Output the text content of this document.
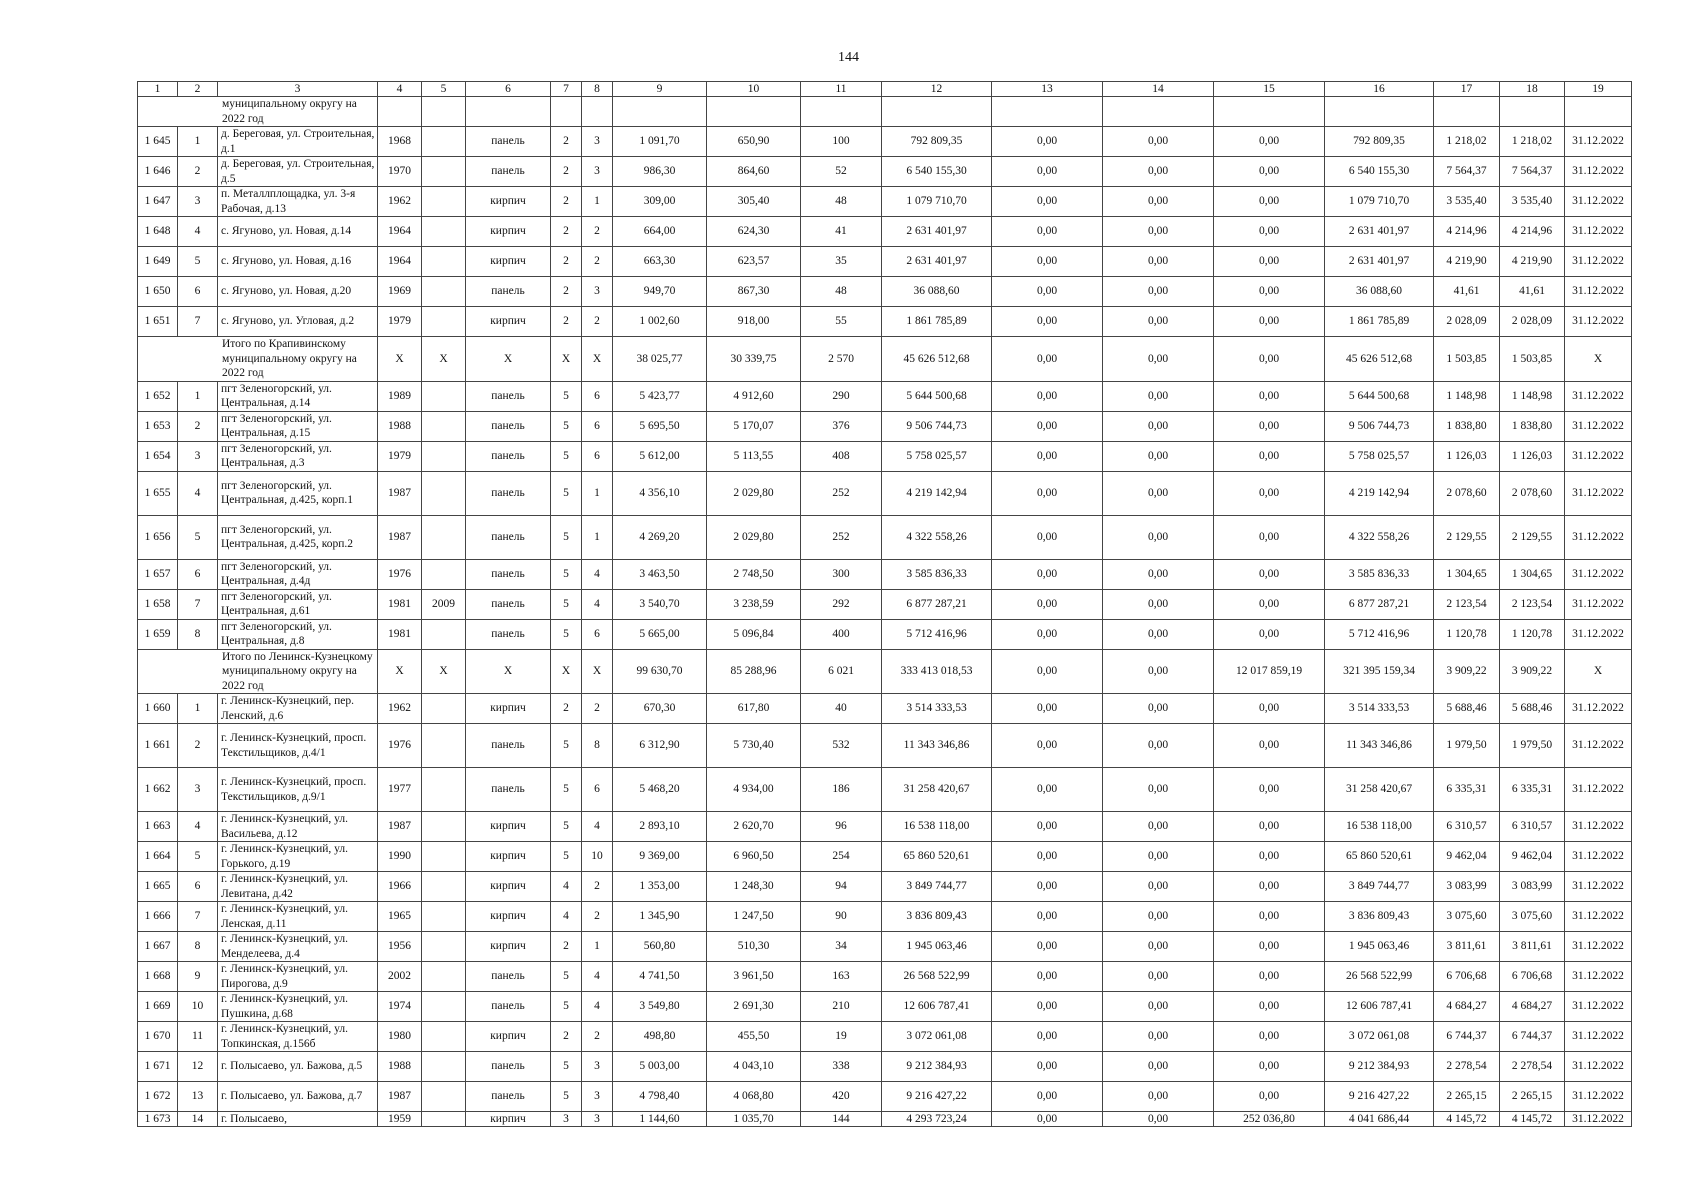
144
1	2	3	4	5	6	7	8	9	10	11	12	13	14	15	16	17	18	19
муниципальному округу на 2022 год																		
1 645	1	д. Береговая, ул. Строительная, д.1	1968		панель	2	3	1 091,70	650,90	100	792 809,35	0,00	0,00	0,00	792 809,35	1 218,02	1 218,02	31.12.2022
1 646	2	д. Береговая, ул. Строительная, д.5	1970		панель	2	3	986,30	864,60	52	6 540 155,30	0,00	0,00	0,00	6 540 155,30	7 564,37	7 564,37	31.12.2022
1 647	3	п. Металлплощадка, ул. 3-я Рабочая, д.13	1962		кирпич	2	1	309,00	305,40	48	1 079 710,70	0,00	0,00	0,00	1 079 710,70	3 535,40	3 535,40	31.12.2022
1 648	4	с. Ягуново, ул. Новая, д.14	1964		кирпич	2	2	664,00	624,30	41	2 631 401,97	0,00	0,00	0,00	2 631 401,97	4 214,96	4 214,96	31.12.2022
1 649	5	с. Ягуново, ул. Новая, д.16	1964		кирпич	2	2	663,30	623,57	35	2 631 401,97	0,00	0,00	0,00	2 631 401,97	4 219,90	4 219,90	31.12.2022
1 650	6	с. Ягуново, ул. Новая, д.20	1969		панель	2	3	949,70	867,30	48	36 088,60	0,00	0,00	0,00	36 088,60	41,61	41,61	31.12.2022
1 651	7	с. Ягуново, ул. Угловая, д.2	1979		кирпич	2	2	1 002,60	918,00	55	1 861 785,89	0,00	0,00	0,00	1 861 785,89	2 028,09	2 028,09	31.12.2022
Итого по Крапивинскому муниципальному округу на 2022 год			X	X	X	X	X	38 025,77	30 339,75	2 570	45 626 512,68	0,00	0,00	0,00	45 626 512,68	1 503,85	1 503,85	X
1 652	1	пгт Зеленогорский, ул. Центральная, д.14	1989		панель	5	6	5 423,77	4 912,60	290	5 644 500,68	0,00	0,00	0,00	5 644 500,68	1 148,98	1 148,98	31.12.2022
1 653	2	пгт Зеленогорский, ул. Центральная, д.15	1988		панель	5	6	5 695,50	5 170,07	376	9 506 744,73	0,00	0,00	0,00	9 506 744,73	1 838,80	1 838,80	31.12.2022
1 654	3	пгт Зеленогорский, ул. Центральная, д.3	1979		панель	5	6	5 612,00	5 113,55	408	5 758 025,57	0,00	0,00	0,00	5 758 025,57	1 126,03	1 126,03	31.12.2022
1 655	4	пгт Зеленогорский, ул. Центральная, д.425, корп.1	1987		панель	5	1	4 356,10	2 029,80	252	4 219 142,94	0,00	0,00	0,00	4 219 142,94	2 078,60	2 078,60	31.12.2022
1 656	5	пгт Зеленогорский, ул. Центральная, д.425, корп.2	1987		панель	5	1	4 269,20	2 029,80	252	4 322 558,26	0,00	0,00	0,00	4 322 558,26	2 129,55	2 129,55	31.12.2022
1 657	6	пгт Зеленогорский, ул. Центральная, д.4д	1976		панель	5	4	3 463,50	2 748,50	300	3 585 836,33	0,00	0,00	0,00	3 585 836,33	1 304,65	1 304,65	31.12.2022
1 658	7	пгт Зеленогорский, ул. Центральная, д.61	1981	2009	панель	5	4	3 540,70	3 238,59	292	6 877 287,21	0,00	0,00	0,00	6 877 287,21	2 123,54	2 123,54	31.12.2022
1 659	8	пгт Зеленогорский, ул. Центральная, д.8	1981		панель	5	6	5 665,00	5 096,84	400	5 712 416,96	0,00	0,00	0,00	5 712 416,96	1 120,78	1 120,78	31.12.2022
Итого по Ленинск-Кузнецкому муниципальному округу на 2022 год			X	X	X	X	X	99 630,70	85 288,96	6 021	333 413 018,53	0,00	0,00	12 017 859,19	321 395 159,34	3 909,22	3 909,22	X
1 660	1	г. Ленинск-Кузнецкий, пер. Ленский, д.6	1962		кирпич	2	2	670,30	617,80	40	3 514 333,53	0,00	0,00	0,00	3 514 333,53	5 688,46	5 688,46	31.12.2022
1 661	2	г. Ленинск-Кузнецкий, просп. Текстильщиков, д.4/1	1976		панель	5	8	6 312,90	5 730,40	532	11 343 346,86	0,00	0,00	0,00	11 343 346,86	1 979,50	1 979,50	31.12.2022
1 662	3	г. Ленинск-Кузнецкий, просп. Текстильщиков, д.9/1	1977		панель	5	6	5 468,20	4 934,00	186	31 258 420,67	0,00	0,00	0,00	31 258 420,67	6 335,31	6 335,31	31.12.2022
1 663	4	г. Ленинск-Кузнецкий, ул. Васильева, д.12	1987		кирпич	5	4	2 893,10	2 620,70	96	16 538 118,00	0,00	0,00	0,00	16 538 118,00	6 310,57	6 310,57	31.12.2022
1 664	5	г. Ленинск-Кузнецкий, ул. Горького, д.19	1990		кирпич	5	10	9 369,00	6 960,50	254	65 860 520,61	0,00	0,00	0,00	65 860 520,61	9 462,04	9 462,04	31.12.2022
1 665	6	г. Ленинск-Кузнецкий, ул. Левитана, д.42	1966		кирпич	4	2	1 353,00	1 248,30	94	3 849 744,77	0,00	0,00	0,00	3 849 744,77	3 083,99	3 083,99	31.12.2022
1 666	7	г. Ленинск-Кузнецкий, ул. Ленская, д.11	1965		кирпич	4	2	1 345,90	1 247,50	90	3 836 809,43	0,00	0,00	0,00	3 836 809,43	3 075,60	3 075,60	31.12.2022
1 667	8	г. Ленинск-Кузнецкий, ул. Менделеева, д.4	1956		кирпич	2	1	560,80	510,30	34	1 945 063,46	0,00	0,00	0,00	1 945 063,46	3 811,61	3 811,61	31.12.2022
1 668	9	г. Ленинск-Кузнецкий, ул. Пирогова, д.9	2002		панель	5	4	4 741,50	3 961,50	163	26 568 522,99	0,00	0,00	0,00	26 568 522,99	6 706,68	6 706,68	31.12.2022
1 669	10	г. Ленинск-Кузнецкий, ул. Пушкина, д.68	1974		панель	5	4	3 549,80	2 691,30	210	12 606 787,41	0,00	0,00	0,00	12 606 787,41	4 684,27	4 684,27	31.12.2022
1 670	11	г. Ленинск-Кузнецкий, ул. Топкинская, д.156б	1980		кирпич	2	2	498,80	455,50	19	3 072 061,08	0,00	0,00	0,00	3 072 061,08	6 744,37	6 744,37	31.12.2022
1 671	12	г. Полысаево, ул. Бажова, д.5	1988		панель	5	3	5 003,00	4 043,10	338	9 212 384,93	0,00	0,00	0,00	9 212 384,93	2 278,54	2 278,54	31.12.2022
1 672	13	г. Полысаево, ул. Бажова, д.7	1987		панель	5	3	4 798,40	4 068,80	420	9 216 427,22	0,00	0,00	0,00	9 216 427,22	2 265,15	2 265,15	31.12.2022
1 673	14	г. Полысаево,	1959		кирпич	3	3	1 144,60	1 035,70	144	4 293 723,24	0,00	0,00	252 036,80	4 041 686,44	4 145,72	4 145,72	31.12.2022
